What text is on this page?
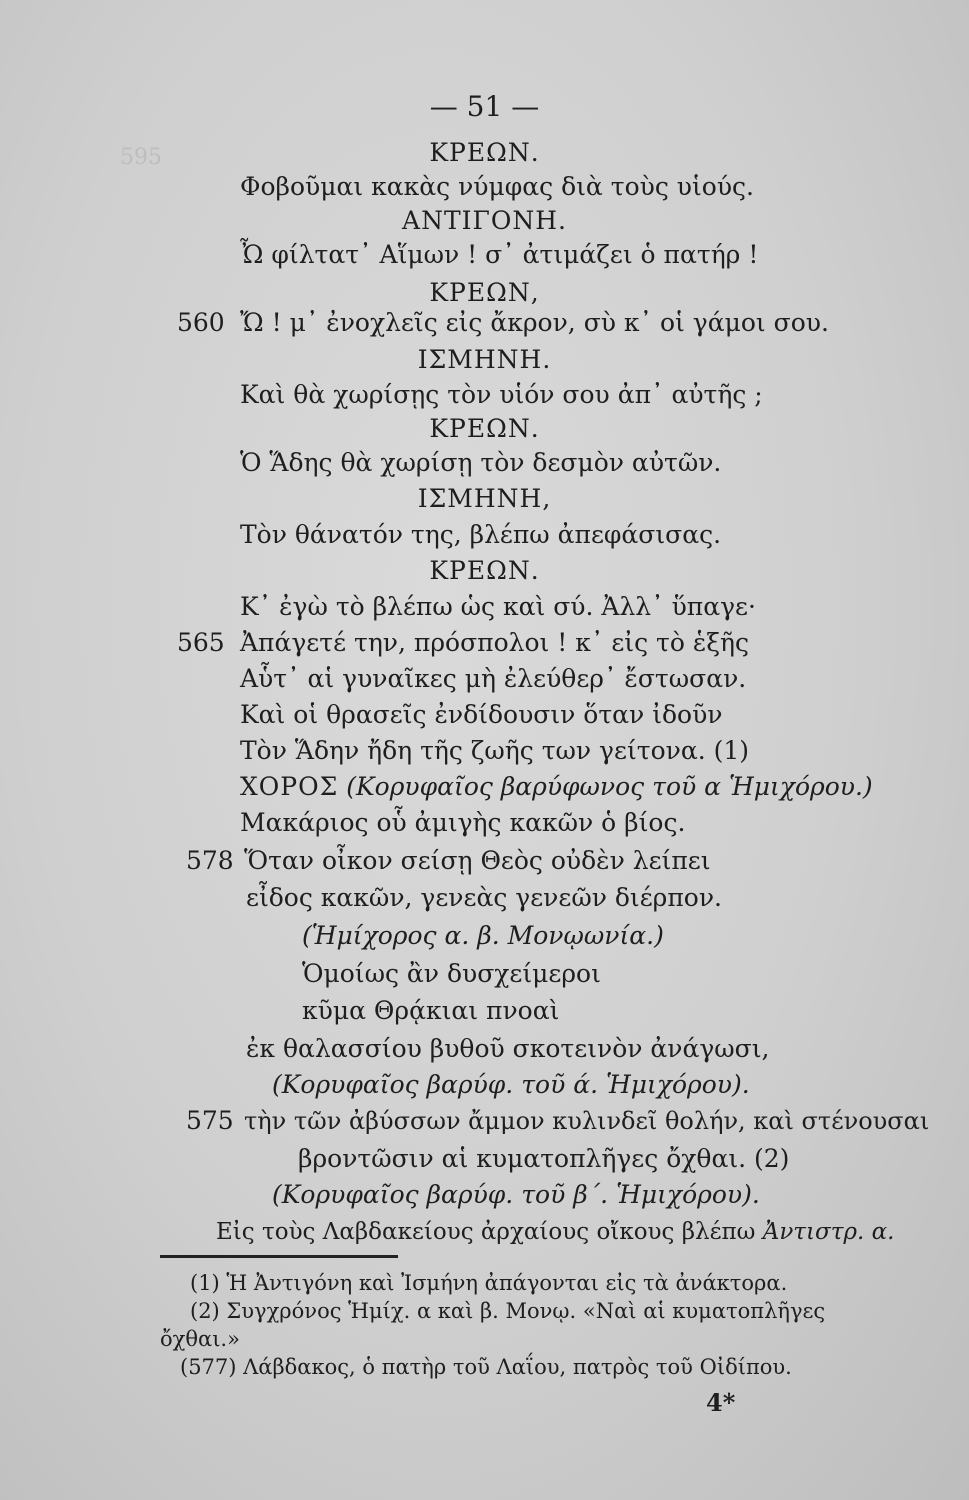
595
— 51 —
ΚΡΕΩΝ.
Φοβοῦμαι κακὰς νύμφας διὰ τοὺς υἱούς.
ΑΝΤΙΓΟΝΗ.
Ὦ φίλτατ᾽ Αἵμων ! σ᾽ ἀτιμάζει ὁ πατήρ !
ΚΡΕΩΝ,
560 Ὤ ! μ᾽ ἐνοχλεῖς εἰς ἄκρον, σὺ κ᾽ οἱ γάμοι σου.
ΙΣΜΗΝΗ.
Καὶ θὰ χωρίσῃς τὸν υἱόν σου ἀπ᾽ αὐτῆς ;
ΚΡΕΩΝ.
Ὁ Ἅδης θὰ χωρίσῃ τὸν δεσμὸν αὐτῶν.
ΙΣΜΗΝΗ,
Τὸν θάνατόν της, βλέπω ἀπεφάσισας.
ΚΡΕΩΝ.
Κ᾽ ἐγὼ τὸ βλέπω ὡς καὶ σύ. Ἀλλ᾽ ὕπαγε·
565 Ἀπάγετέ την, πρόσπολοι ! κ᾽ εἰς τὸ ἑξῆς
Αὗτ᾽ αἱ γυναῖκες μὴ ἐλεύθερ᾽ ἔστωσαν.
Καὶ οἱ θρασεῖς ἐνδίδουσιν ὅταν ἰδοῦν
Τὸν Ἅδην ἤδη τῆς ζωῆς των γείτονα. (1)
ΧΟΡΟΣ (Κορυφαῖος βαρύφωνος τοῦ α Ἡμιχόρου.)
Μακάριος οὗ ἀμιγὴς κακῶν ὁ βίος.
578 Ὅταν οἶκον σείσῃ Θεὸς οὐδὲν λείπει
εἶδος κακῶν, γενεὰς γενεῶν διέρπον.
(Ἡμίχορος α. β. Μονῳωνία.)
Ὁμοίως ἂν δυσχείμεροι
κῦμα Θρᾴκιαι πνοαὶ
ἐκ θαλασσίου βυθοῦ σκοτεινὸν ἀνάγωσι,
(Κορυφαῖος βαρύφ. τοῦ ά. Ἡμιχόρου).
575 τὴν τῶν ἀβύσσων ἄμμον κυλινδεῖ θολήν, καὶ στένουσαι
βροντῶσιν αἱ κυματοπλῆγες ὄχθαι. (2)
(Κορυφαῖος βαρύφ. τοῦ β΄. Ἡμιχόρου).
Εἰς τοὺς Λαβδακείους ἀρχαίους οἴκους βλέπω Ἀντιστρ. α.
(1) Ἡ Ἀντιγόνη καὶ Ἰσμήνη ἀπάγονται εἰς τὰ ἀνάκτορα.
(2) Συγχρόνος Ἡμίχ. α καὶ β. Μονῳ. «Ναὶ αἱ κυματοπλῆγες
ὄχθαι.»
(577) Λάβδακος, ὁ πατὴρ τοῦ Λαΐου, πατρὸς τοῦ Οἰδίπου.
4*
